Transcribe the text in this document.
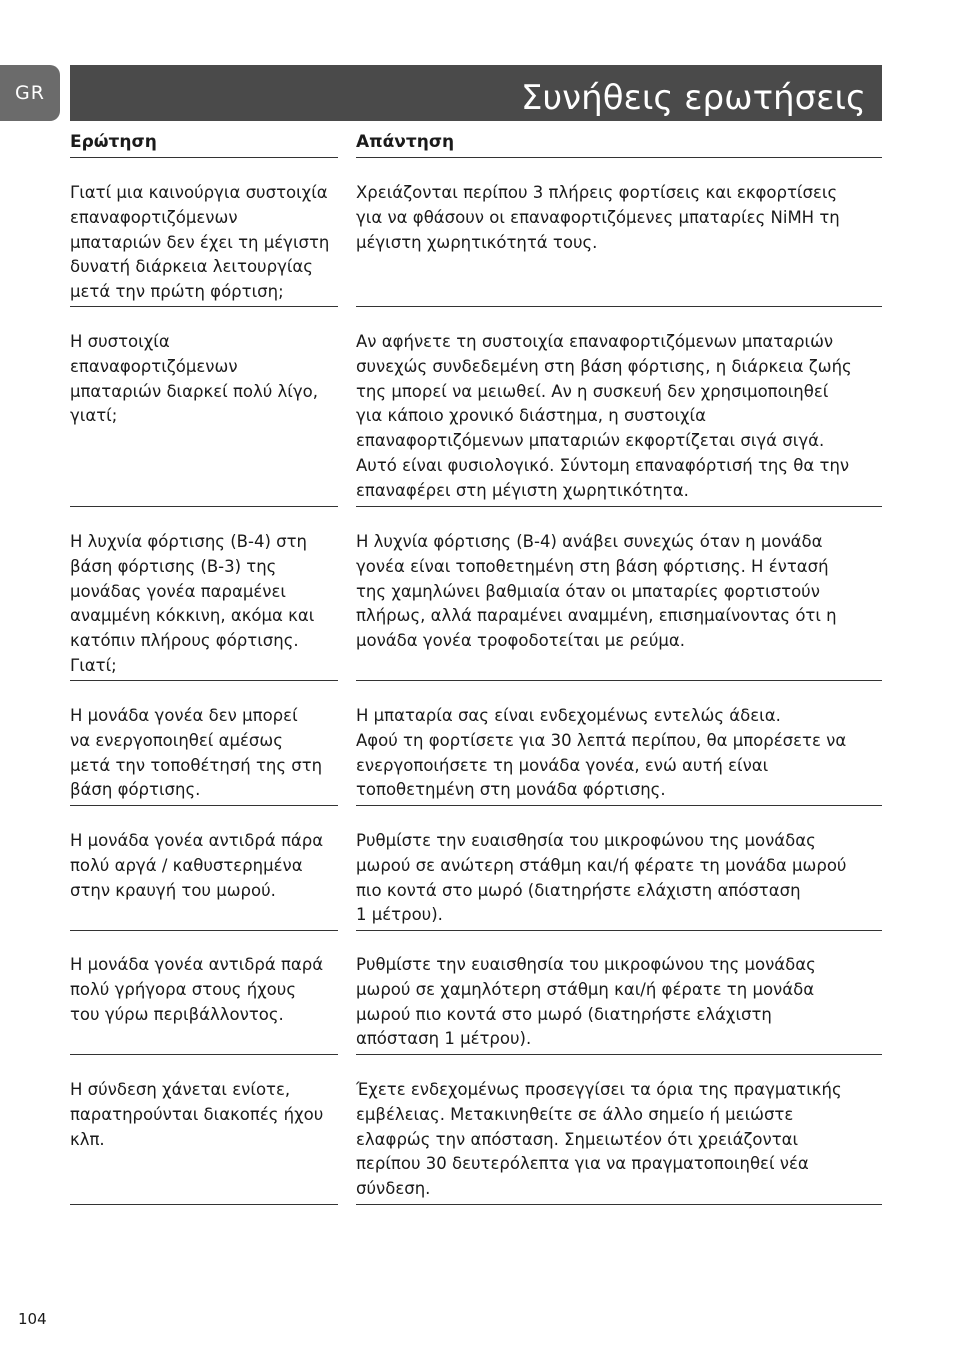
GR	Συνήθεις ερωτήσεις
Ερώτηση	Απάντηση
Γιατί μια καινούργια συστοιχία
επαναφορτιζόμενων
μπαταριών δεν έχει τη μέγιστη
δυνατή διάρκεια λειτουργίας
μετά την πρώτη φόρτιση;
Χρειάζονται περίπου 3 πλήρεις φορτίσεις και εκφορτίσεις
για να φθάσουν οι επαναφορτιζόμενες μπαταρίες NiMH τη
μέγιστη χωρητικότητά τους.
Η συστοιχία
επαναφορτιζόμενων
μπαταριών διαρκεί πολύ λίγο,
γιατί;
Αν αφήνετε τη συστοιχία επαναφορτιζόμενων μπαταριών
συνεχώς συνδεδεμένη στη βάση φόρτισης, η διάρκεια ζωής
της μπορεί να μειωθεί. Αν η συσκευή δεν χρησιμοποιηθεί
για κάποιο χρονικό διάστημα, η συστοιχία
επαναφορτιζόμενων μπαταριών εκφορτίζεται σιγά σιγά.
Αυτό είναι φυσιολογικό. Σύντομη επαναφόρτισή της θα την
επαναφέρει στη μέγιστη χωρητικότητα.
Η λυχνία φόρτισης (B-4) στη
βάση φόρτισης (B-3) της
μονάδας γονέα παραμένει
αναμμένη κόκκινη, ακόμα και
κατόπιν πλήρους φόρτισης.
Γιατί;
Η λυχνία φόρτισης (B-4) ανάβει συνεχώς όταν η μονάδα
γονέα είναι τοποθετημένη στη βάση φόρτισης. Η έντασή
της χαμηλώνει βαθμιαία όταν οι μπαταρίες φορτιστούν
πλήρως, αλλά παραμένει αναμμένη, επισημαίνοντας ότι η
μονάδα γονέα τροφοδοτείται με ρεύμα.
Η μονάδα γονέα δεν μπορεί
να ενεργοποιηθεί αμέσως
μετά την τοποθέτησή της στη
βάση φόρτισης.
Η μπαταρία σας είναι ενδεχομένως εντελώς άδεια.
Αφού τη φορτίσετε για 30 λεπτά περίπου, θα μπορέσετε να
ενεργοποιήσετε τη μονάδα γονέα, ενώ αυτή είναι
τοποθετημένη στη μονάδα φόρτισης.
Η μονάδα γονέα αντιδρά πάρα
πολύ αργά / καθυστερημένα
στην κραυγή του μωρού.
Ρυθμίστε την ευαισθησία του μικροφώνου της μονάδας
μωρού σε ανώτερη στάθμη και/ή φέρατε τη μονάδα μωρού
πιο κοντά στο μωρό (διατηρήστε ελάχιστη απόσταση
1 μέτρου).
Η μονάδα γονέα αντιδρά παρά
πολύ γρήγορα στους ήχους
του γύρω περιβάλλοντος.
Ρυθμίστε την ευαισθησία του μικροφώνου της μονάδας
μωρού σε χαμηλότερη στάθμη και/ή φέρατε τη μονάδα
μωρού πιο κοντά στο μωρό (διατηρήστε ελάχιστη
απόσταση 1 μέτρου).
Η σύνδεση χάνεται ενίοτε,
παρατηρούνται διακοπές ήχου
κλπ.
Έχετε ενδεχομένως προσεγγίσει τα όρια της πραγματικής
εμβέλειας. Μετακινηθείτε σε άλλο σημείο ή μειώστε
ελαφρώς την απόσταση. Σημειωτέον ότι χρειάζονται
περίπου 30 δευτερόλεπτα για να πραγματοποιηθεί νέα
σύνδεση.
104
